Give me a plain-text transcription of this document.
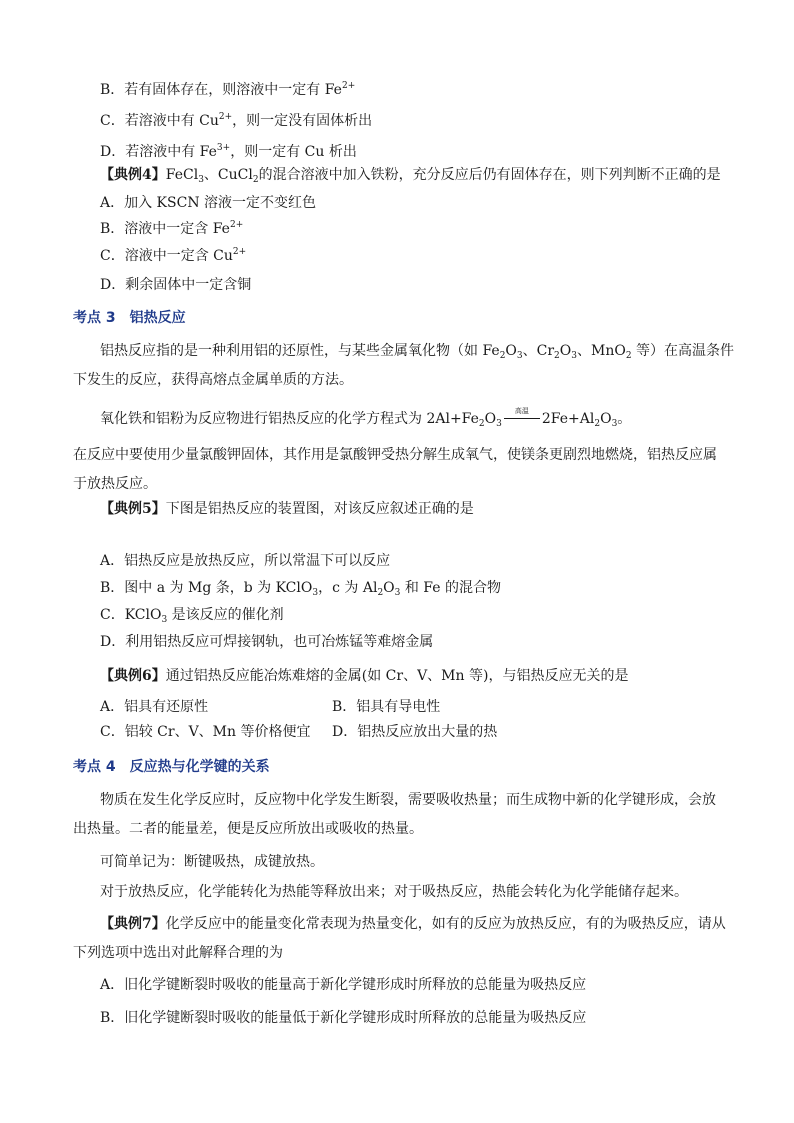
B．若有固体存在，则溶液中一定有 $Fe^{2+}$
C．若溶液中有 $Cu^{2+}$，则一定没有固体析出
D．若溶液中有 $Fe^{3+}$，则一定有 Cu 析出
【典例4】FeCl$_3$、CuCl$_2$的混合溶液中加入铁粉，充分反应后仍有固体存在，则下列判断不正确的是
A．加入 KSCN 溶液一定不变红色
B．溶液中一定含 $Fe^{2+}$
C．溶液中一定含 $Cu^{2+}$
D．剩余固体中一定含铜
考点 3 铝热反应
铝热反应指的是一种利用铝的还原性，与某些金属氧化物（如 $Fe_2O_3$、$Cr_2O_3$、MnO$_2$ 等）在高温条件
下发生的反应，获得高熔点金属单质的方法。
氧化铁和铝粉为反应物进行铝热反应的化学方程式为 $2Al+Fe_2O_3$
高温 $2Fe+Al_2O_3$。
在反应中要使用少量氯酸钾固体，其作用是氯酸钾受热分解生成氧气，使镁条更剧烈地燃烧，铝热反应属
于放热反应。
【典例5】下图是铝热反应的装置图，对该反应叙述正确的是
A．铝热反应是放热反应，所以常温下可以反应
B．图中 a 为 Mg 条，b 为 KClO$_3$，c 为 $Al_2O_3$ 和 Fe 的混合物
C．KClO$_3$ 是该反应的催化剂
D．利用铝热反应可焊接钢轨，也可冶炼锰等难熔金属
【典例6】通过铝热反应能冶炼难熔的金属(如 Cr、V、Mn 等)，与铝热反应无关的是
A．铝具有还原性	B．铝具有导电性
C．铝较 Cr、V、Mn 等价格便宜 D．铝热反应放出大量的热
考点 4 反应热与化学键的关系
物质在发生化学反应时，反应物中化学发生断裂，需要吸收热量；而生成物中新的化学键形成，会放
出热量。二者的能量差，便是反应所放出或吸收的热量。
可简单记为：断键吸热，成键放热。
对于放热反应，化学能转化为热能等释放出来；对于吸热反应，热能会转化为化学能储存起来。
【典例7】化学反应中的能量变化常表现为热量变化，如有的反应为放热反应，有的为吸热反应，请从
下列选项中选出对此解释合理的为
A．旧化学键断裂时吸收的能量高于新化学键形成时所释放的总能量为吸热反应
B．旧化学键断裂时吸收的能量低于新化学键形成时所释放的总能量为吸热反应
